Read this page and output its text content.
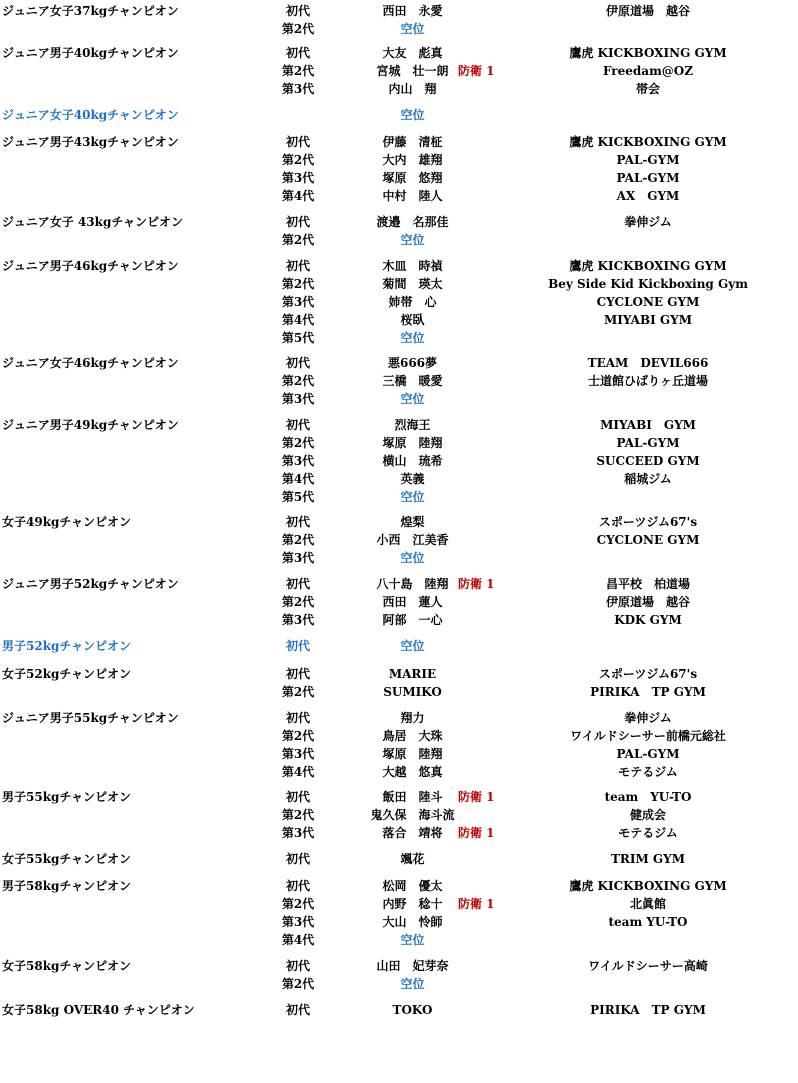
ジュニア女子37kgチャンピオン	初代	西田　永愛	伊原道場　越谷
第2代	空位
ジュニア男子40kgチャンピオン	初代	大友　彪真	鷹虎 KICKBOXING GYM
第2代	宮城　壮一朗 防衛 1	Freedam@OZ
第3代	内山　翔	帯会
ジュニア女子40kgチャンピオン	空位
ジュニア男子43kgチャンピオン	初代	伊藤　清柾	鷹虎 KICKBOXING GYM
第2代	大内　雄翔	PAL-GYM
第3代	塚原　悠翔	PAL-GYM
第4代	中村　陸人	AX　GYM
ジュニア女子 43kgチャンピオン	初代	渡邉　名那佳	拳伸ジム
第2代	空位
ジュニア男子46kgチャンピオン	初代	木皿　時禎	鷹虎 KICKBOXING GYM
第2代	菊間　瑛太	Bey Side Kid Kickboxing Gym
第3代	姉帯　心	CYCLONE GYM
第4代	桜臥	MIYABI GYM
第5代	空位
ジュニア女子46kgチャンピオン	初代	悪666夢	TEAM　DEVIL666
第2代	三橋　暖愛	士道館ひばりヶ丘道場
第3代	空位
ジュニア男子49kgチャンピオン	初代	烈海王	MIYABI　GYM
第2代	塚原　陸翔	PAL-GYM
第3代	横山　琉希	SUCCEED GYM
第4代	英義	稲城ジム
第5代	空位
女子49kgチャンピオン	初代	煌梨	スポーツジム67's
第2代	小西　江美香	CYCLONE GYM
第3代	空位
ジュニア男子52kgチャンピオン	初代	八十島　陸翔 防衛 1	昌平校　柏道場
第2代	西田　蓮人	伊原道場　越谷
第3代	阿部　一心	KDK GYM
男子52kgチャンピオン	初代	空位
女子52kgチャンピオン	初代	MARIE	スポーツジム67's
第2代	SUMIKO	PIRIKA　TP GYM
ジュニア男子55kgチャンピオン	初代	翔力	拳伸ジム
第2代	鳥居　大珠	ワイルドシーサー前橋元総社
第3代	塚原　陸翔	PAL-GYM
第4代	大越　悠真	モテるジム
男子55kgチャンピオン	初代	飯田　陸斗	防衛 1	team　YU-TO
第2代	鬼久保　海斗流	健成会
第3代	落合　靖将	防衛 1	モテるジム
女子55kgチャンピオン	初代	颯花	TRIM GYM
男子58kgチャンピオン	初代	松岡　優太	鷹虎 KICKBOXING GYM
第2代	内野　稔十	防衛 1	北眞館
第3代	大山　怜師	team YU-TO
第4代	空位
女子58kgチャンピオン	初代	山田　妃芽奈	ワイルドシーサー高崎
第2代	空位
女子58kg OVER40 チャンピオン	初代	TOKO	PIRIKA　TP GYM
